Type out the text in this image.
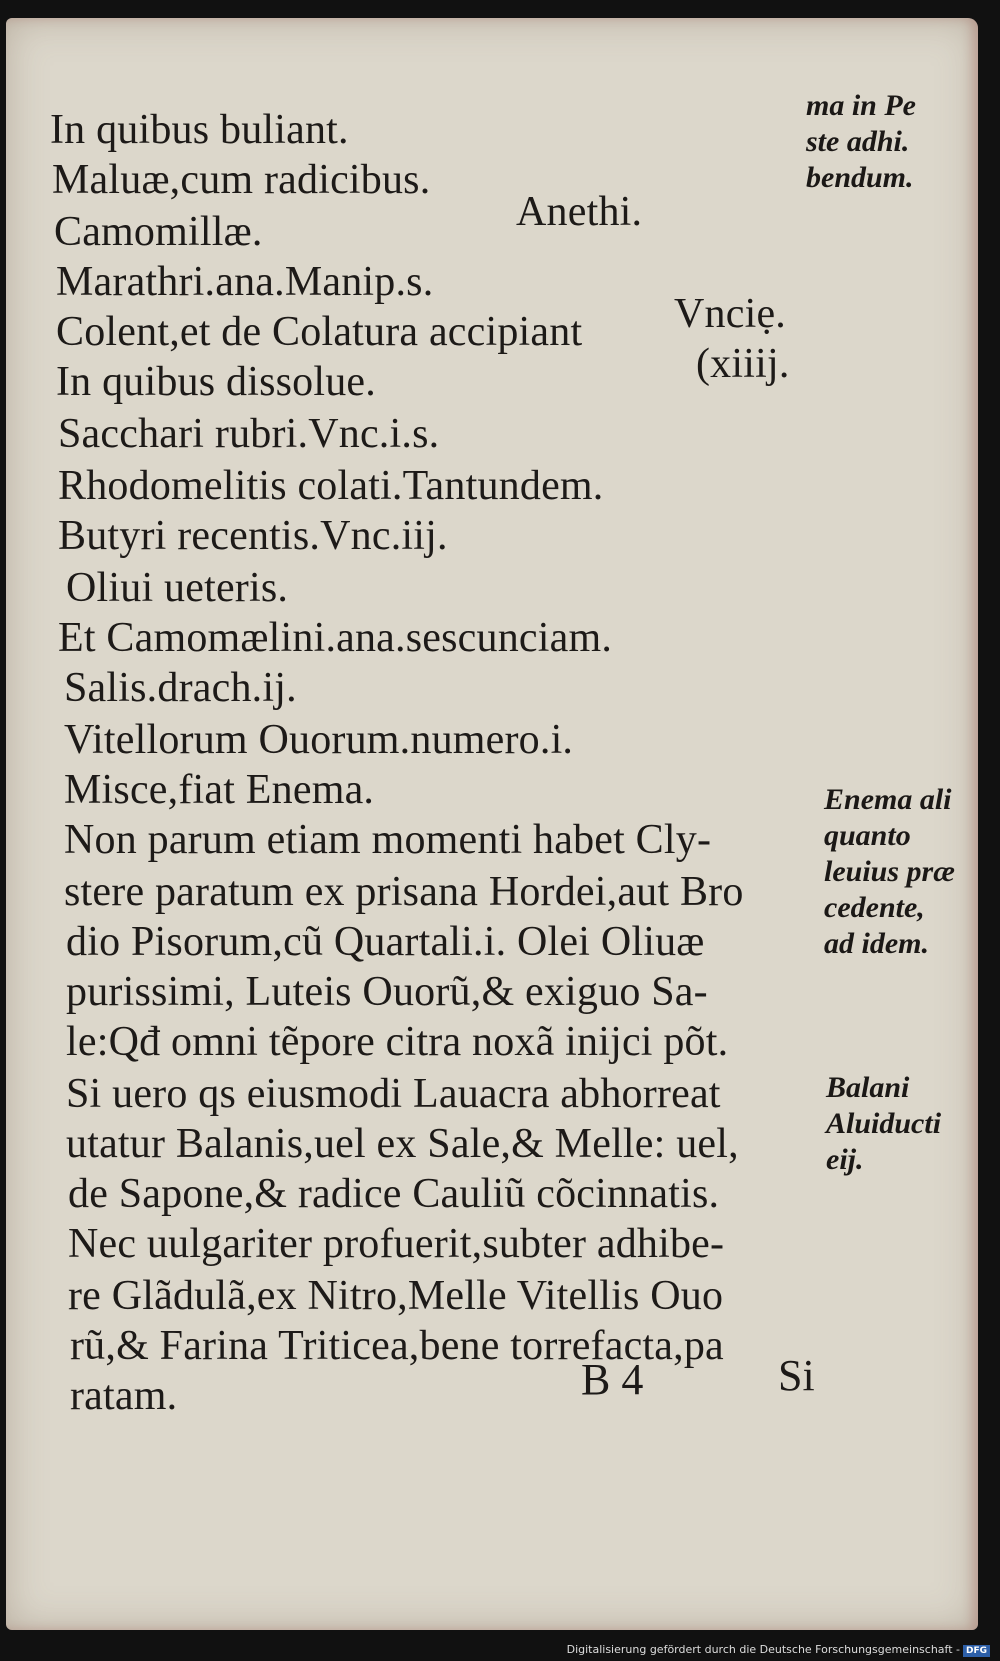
In quibus buliant.
Maluæ,cum radicibus.
Camomillæ.
Marathri.ana.Manip.s.
Colent,et de Colatura accipiant
In quibus dissolue.
Sacchari rubri.Vnc.i.s.
Rhodomelitis colati.Tantundem.
Butyri recentis.Vnc.iij.
Oliui ueteris.
Et Camomælini.ana.sescunciam.
Salis.drach.ij.
Vitellorum Ouorum.numero.i.
Misce,fiat Enema.
Non parum etiam momenti habet Cly-
stere paratum ex prisana Hordei,aut Bro
dio Pisorum,cũ Quartali.i. Olei Oliuæ
purissimi, Luteis Ouorũ,& exiguo Sa-
le:Qđ omni tẽpore citra noxã inijci põt.
Si uero qs eiusmodi Lauacra abhorreat
utatur Balanis,uel ex Sale,& Melle: uel,
de Sapone,& radice Cauliũ cõcinnatis.
Nec uulgariter profuerit,subter adhibe-
re Glãdulã,ex Nitro,Melle Vitellis Ouo
rũ,& Farina Triticea,bene torrefacta,pa
ratam.
Anethi.
Vnciẹ.
(xiiij.
ma in Pe
ste adhi.
bendum.
Enema ali
quanto
leuius præ
cedente,
ad idem.
Balani
Aluiducti
eij.
B 4	Si
Digitalisierung gefördert durch die Deutsche Forschungsgemeinschaft - DFG
